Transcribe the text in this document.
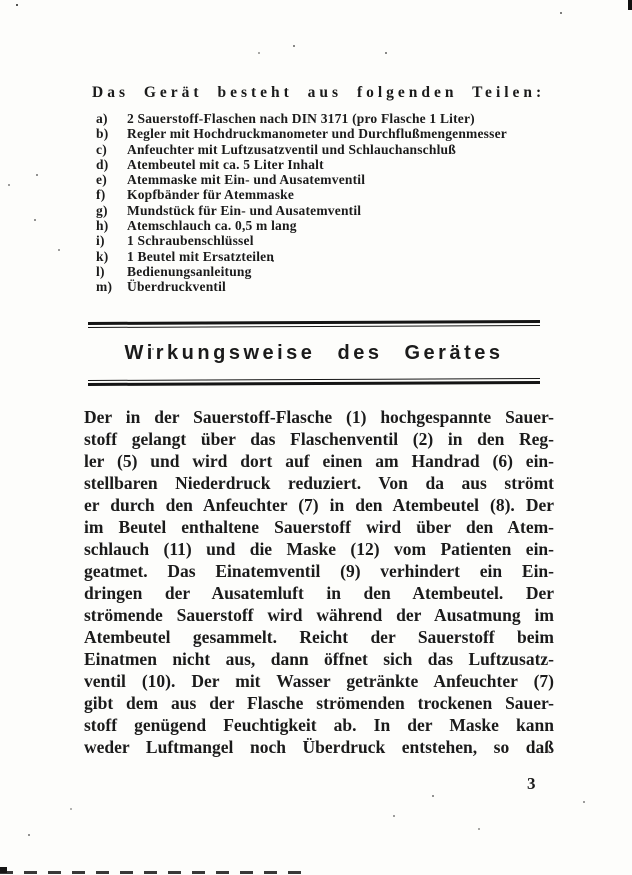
Das Gerät besteht aus folgenden Teilen:
a)	2 Sauerstoff-Flaschen nach DIN 3171 (pro Flasche 1 Liter)
b)	Regler mit Hochdruckmanometer und Durchflußmengenmesser
c)	Anfeuchter mit Luftzusatzventil und Schlauchanschluß
d)	Atembeutel mit ca. 5 Liter Inhalt
e)	Atemmaske mit Ein- und Ausatemventil
f)	Kopfbänder für Atemmaske
g)	Mundstück für Ein- und Ausatemventil
h)	Atemschlauch ca. 0,5 m lang
i)	1 Schraubenschlüssel
k)	1 Beutel mit Ersatzteilen
l)	Bedienungsanleitung
m)	Überdruckventil
Wirkungsweise des Gerätes
Der in der Sauerstoff-Flasche (1) hochgespannte Sauer-
stoff gelangt über das Flaschenventil (2) in den Reg-
ler (5) und wird dort auf einen am Handrad (6) ein-
stellbaren Niederdruck reduziert. Von da aus strömt
er durch den Anfeuchter (7) in den Atembeutel (8). Der
im Beutel enthaltene Sauerstoff wird über den Atem-
schlauch (11) und die Maske (12) vom Patienten ein-
geatmet. Das Einatemventil (9) verhindert ein Ein-
dringen der Ausatemluft in den Atembeutel. Der
strömende Sauerstoff wird während der Ausatmung im
Atembeutel gesammelt. Reicht der Sauerstoff beim
Einatmen nicht aus, dann öffnet sich das Luftzusatz-
ventil (10). Der mit Wasser getränkte Anfeuchter (7)
gibt dem aus der Flasche strömenden trockenen Sauer-
stoff genügend Feuchtigkeit ab. In der Maske kann
weder Luftmangel noch Überdruck entstehen, so daß
3
